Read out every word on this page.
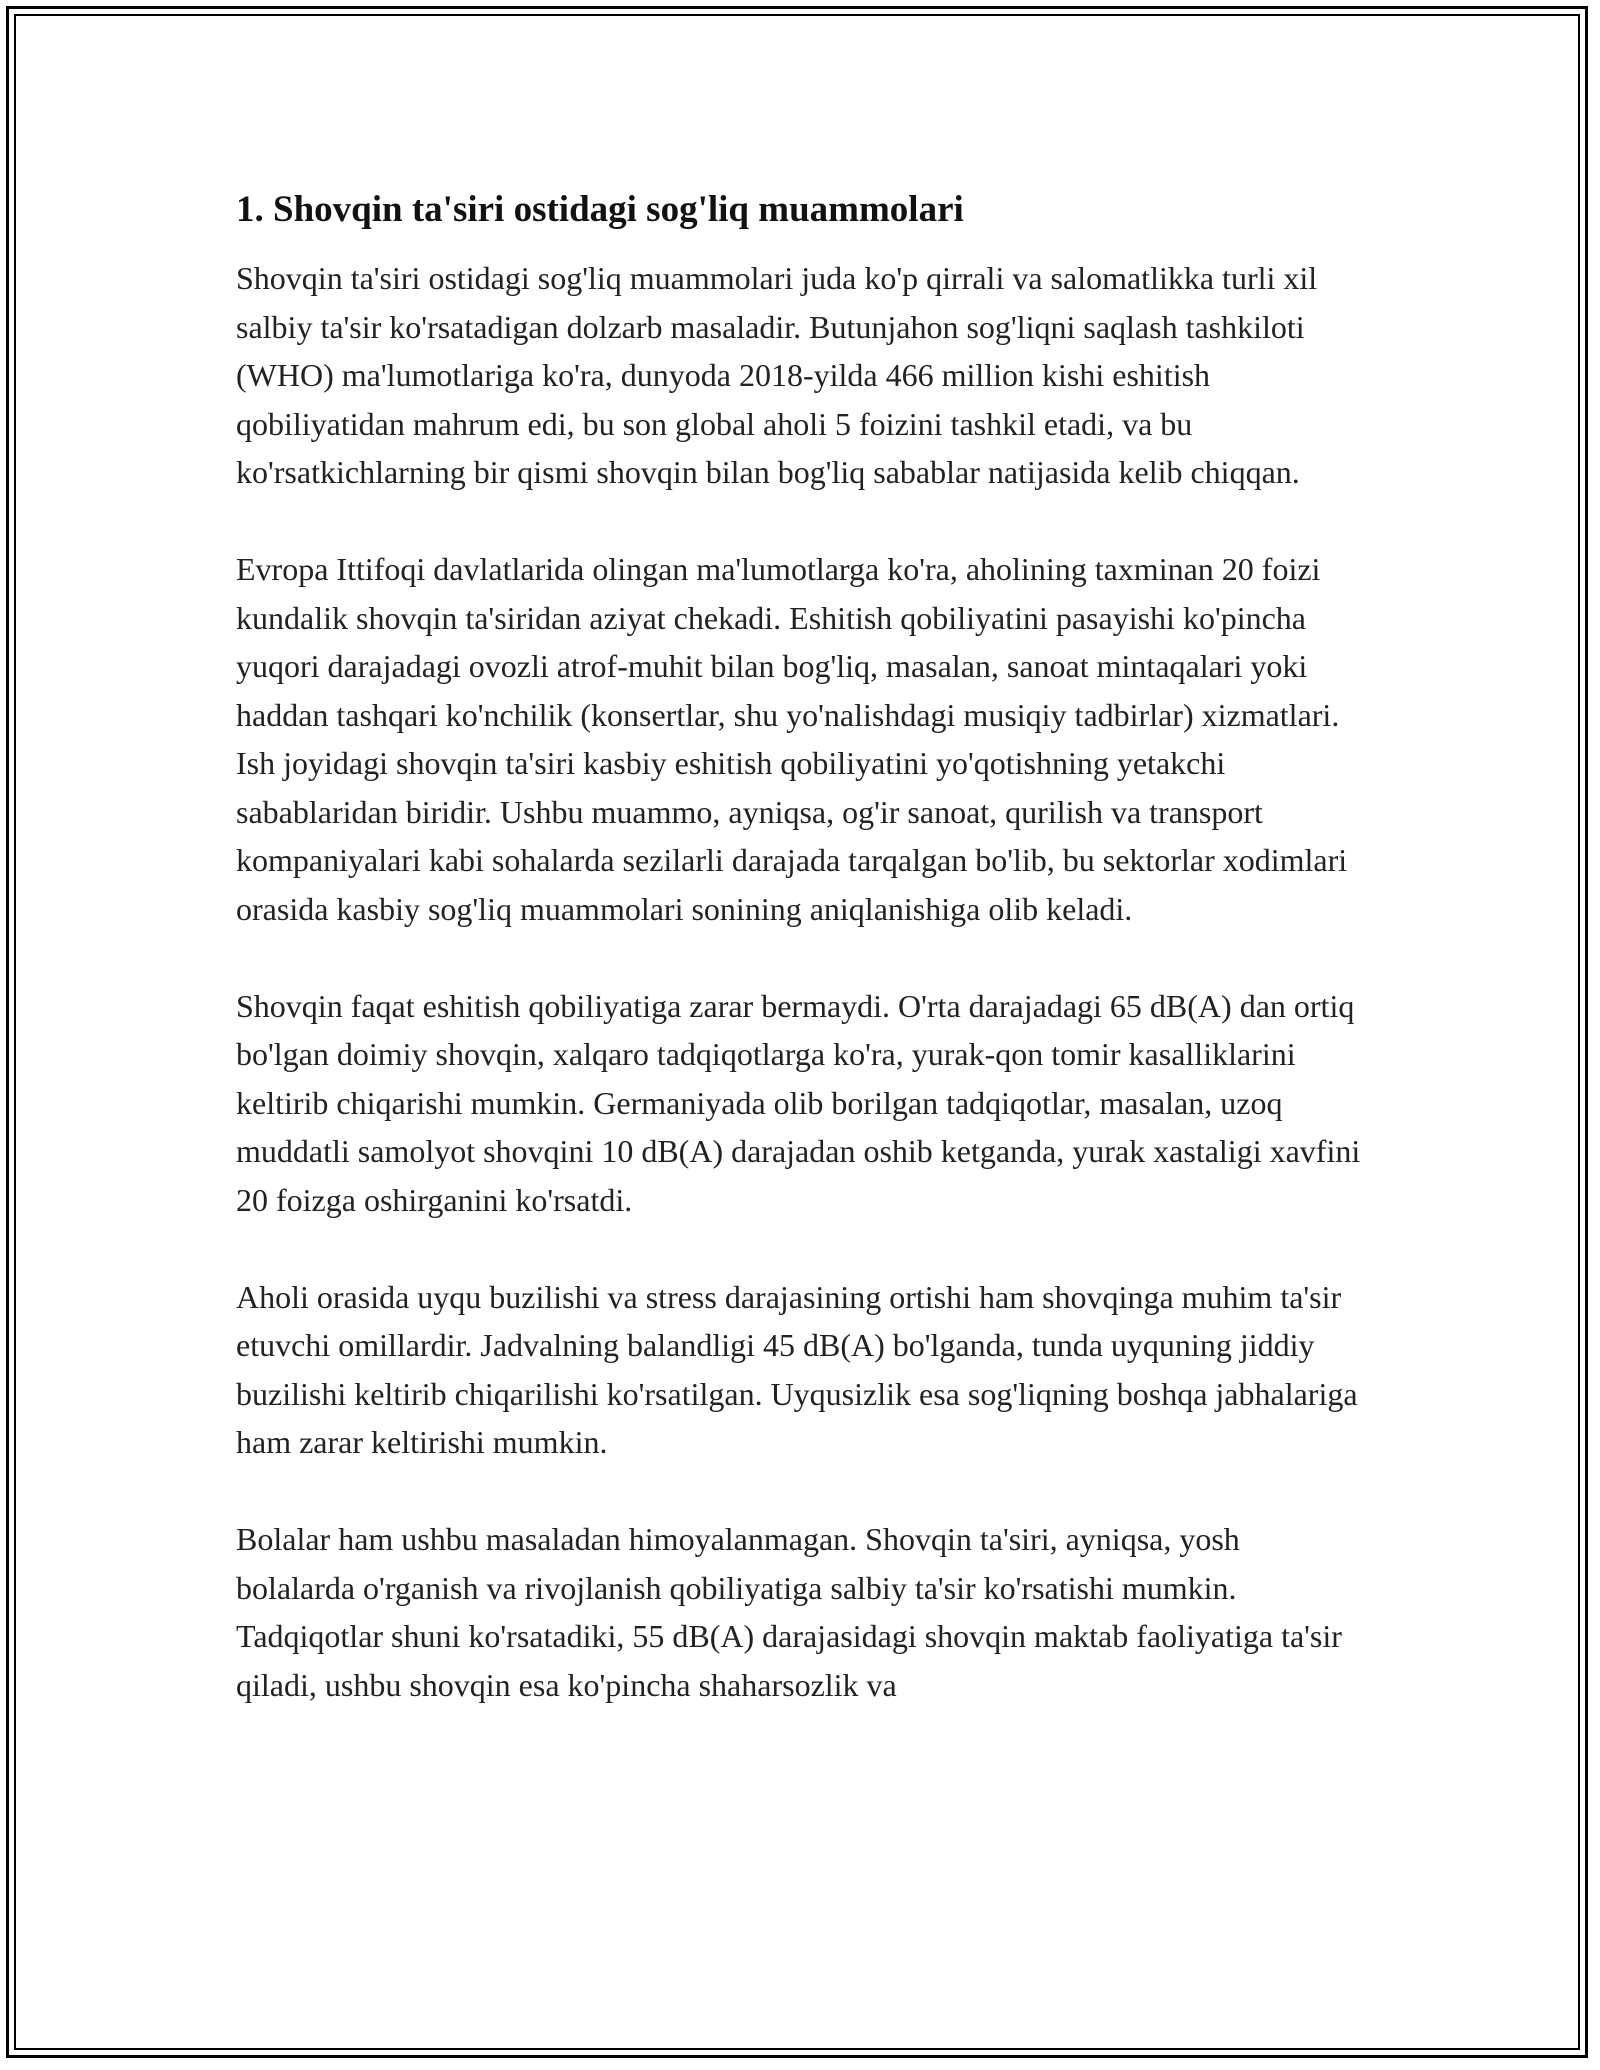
1. Shovqin ta'siri ostidagi sog'liq muammolari

Shovqin ta'siri ostidagi sog'liq muammolari juda ko'p qirrali va salomatlikka turli xil salbiy ta'sir ko'rsatadigan dolzarb masaladir. Butunjahon sog'liqni saqlash tashkiloti (WHO) ma'lumotlariga ko'ra, dunyoda 2018-yilda 466 million kishi eshitish qobiliyatidan mahrum edi, bu son global aholi 5 foizini tashkil etadi, va bu ko'rsatkichlarning bir qismi shovqin bilan bog'liq sabablar natijasida kelib chiqqan.

Evropa Ittifoqi davlatlarida olingan ma'lumotlarga ko'ra, aholining taxminan 20 foizi kundalik shovqin ta'siridan aziyat chekadi. Eshitish qobiliyatini pasayishi ko'pincha yuqori darajadagi ovozli atrof-muhit bilan bog'liq, masalan, sanoat mintaqalari yoki haddan tashqari ko'nchilik (konsertlar, shu yo'nalishdagi musiqiy tadbirlar) xizmatlari. Ish joyidagi shovqin ta'siri kasbiy eshitish qobiliyatini yo'qotishning yetakchi sabablaridan biridir. Ushbu muammo, ayniqsa, og'ir sanoat, qurilish va transport kompaniyalari kabi sohalarda sezilarli darajada tarqalgan bo'lib, bu sektorlar xodimlari orasida kasbiy sog'liq muammolari sonining aniqlanishiga olib keladi.

Shovqin faqat eshitish qobiliyatiga zarar bermaydi. O'rta darajadagi 65 dB(A) dan ortiq bo'lgan doimiy shovqin, xalqaro tadqiqotlarga ko'ra, yurak-qon tomir kasalliklarini keltirib chiqarishi mumkin. Germaniyada olib borilgan tadqiqotlar, masalan, uzoq muddatli samolyot shovqini 10 dB(A) darajadan oshib ketganda, yurak xastaligi xavfini 20 foizga oshirganini ko'rsatdi.

Aholi orasida uyqu buzilishi va stress darajasining ortishi ham shovqinga muhim ta'sir etuvchi omillardir. Jadvalning balandligi 45 dB(A) bo'lganda, tunda uyquning jiddiy buzilishi keltirib chiqarilishi ko'rsatilgan. Uyqusizlik esa sog'liqning boshqa jabhalariga ham zarar keltirishi mumkin.

Bolalar ham ushbu masaladan himoyalanmagan. Shovqin ta'siri, ayniqsa, yosh bolalarda o'rganish va rivojlanish qobiliyatiga salbiy ta'sir ko'rsatishi mumkin. Tadqiqotlar shuni ko'rsatadiki, 55 dB(A) darajasidagi shovqin maktab faoliyatiga ta'sir qiladi, ushbu shovqin esa ko'pincha shaharsozlik va
